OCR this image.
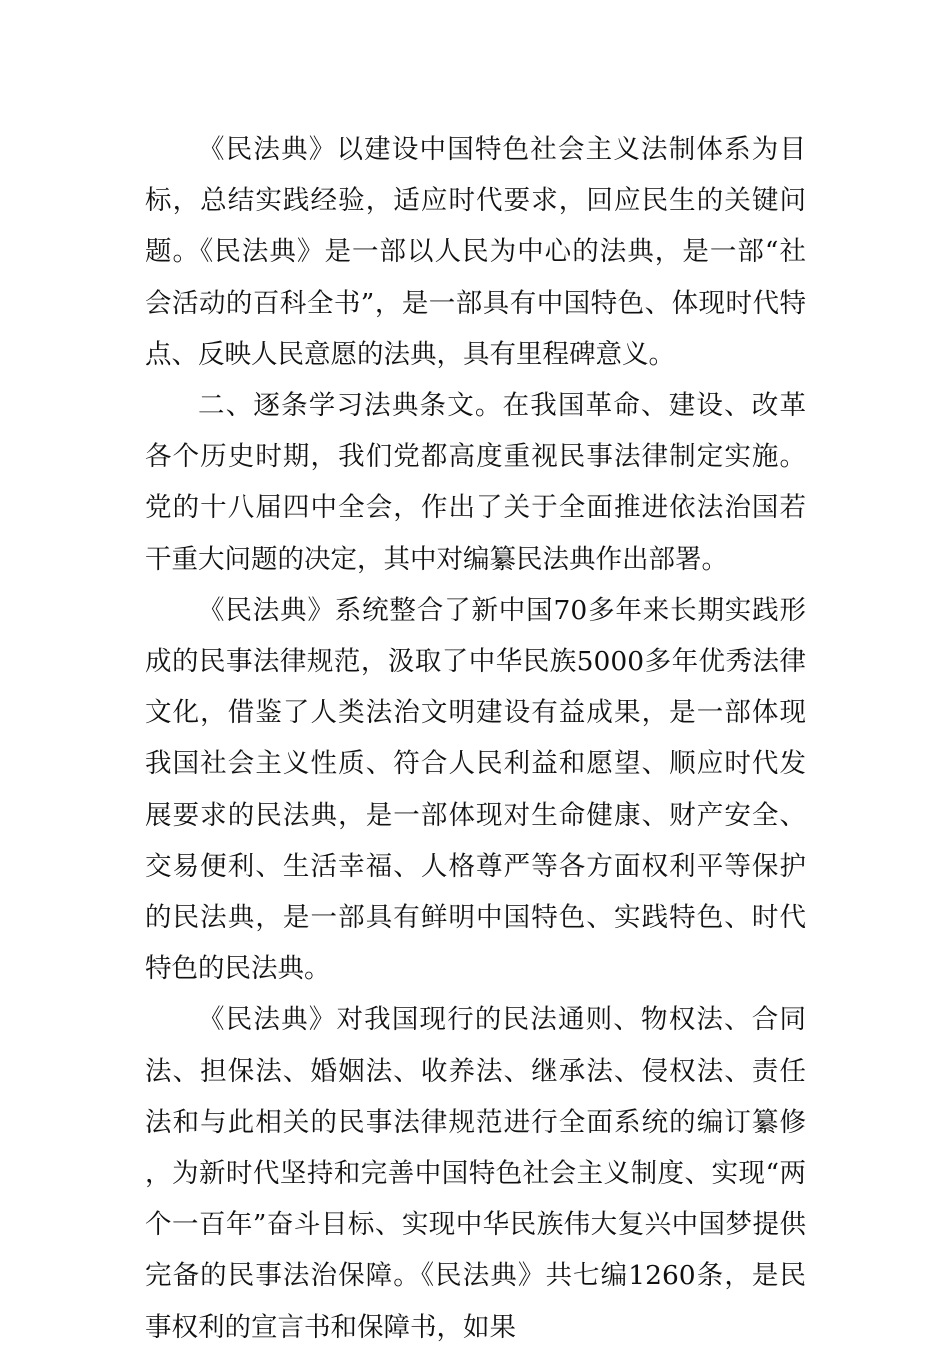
《民法典》以建设中国特色社会主义法制体系为目标，总结实践经验，适应时代要求，回应民生的关键问题。《民法典》是一部以人民为中心的法典，是一部“社会活动的百科全书”，是一部具有中国特色、体现时代特点、反映人民意愿的法典，具有里程碑意义。

二、逐条学习法典条文。在我国革命、建设、改革各个历史时期，我们党都高度重视民事法律制定实施。党的十八届四中全会，作出了关于全面推进依法治国若干重大问题的决定，其中对编纂民法典作出部署。

《民法典》系统整合了新中国70多年来长期实践形成的民事法律规范，汲取了中华民族5000多年优秀法律文化，借鉴了人类法治文明建设有益成果，是一部体现我国社会主义性质、符合人民利益和愿望、顺应时代发展要求的民法典，是一部体现对生命健康、财产安全、交易便利、生活幸福、人格尊严等各方面权利平等保护的民法典，是一部具有鲜明中国特色、实践特色、时代特色的民法典。

《民法典》对我国现行的民法通则、物权法、合同法、担保法、婚姻法、收养法、继承法、侵权法、责任法和与此相关的民事法律规范进行全面系统的编订纂修，为新时代坚持和完善中国特色社会主义制度、实现“两个一百年”奋斗目标、实现中华民族伟大复兴中国梦提供完备的民事法治保障。《民法典》共七编1260条，是民事权利的宣言书和保障书，如果
